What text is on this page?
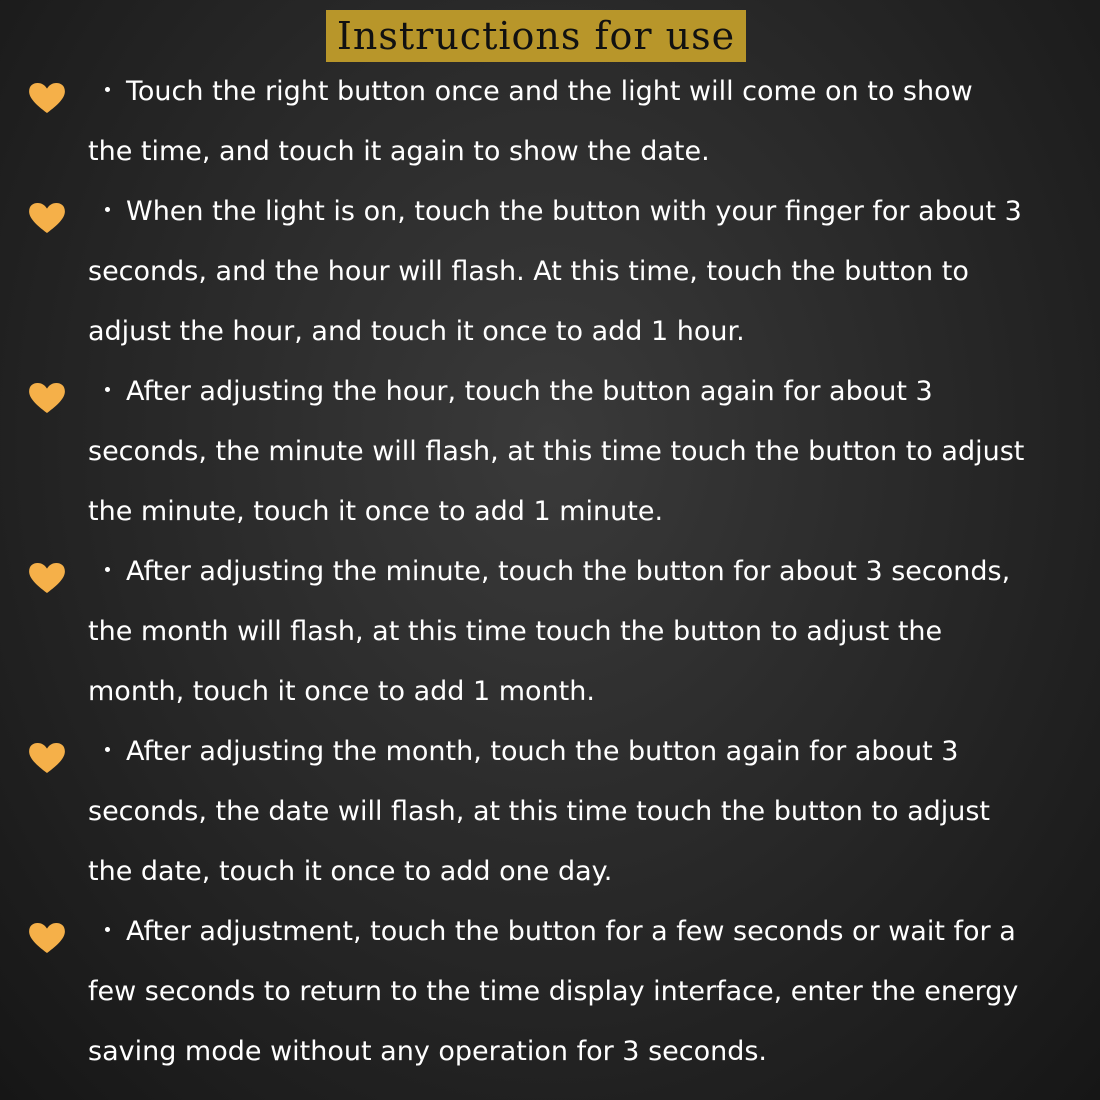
Instructions for use
・ Touch the right button once and the light will come on to show
the time, and touch it again to show the date.
・ When the light is on, touch the button with your finger for about 3
seconds, and the hour will flash. At this time, touch the button to
adjust the hour, and touch it once to add 1 hour.
・ After adjusting the hour, touch the button again for about 3
seconds, the minute will flash, at this time touch the button to adjust
the minute, touch it once to add 1 minute.
・ After adjusting the minute, touch the button for about 3 seconds,
the month will flash, at this time touch the button to adjust the
month, touch it once to add 1 month.
・ After adjusting the month, touch the button again for about 3
seconds, the date will flash, at this time touch the button to adjust
the date, touch it once to add one day.
・ After adjustment, touch the button for a few seconds or wait for a
few seconds to return to the time display interface, enter the energy
saving mode without any operation for 3 seconds.
